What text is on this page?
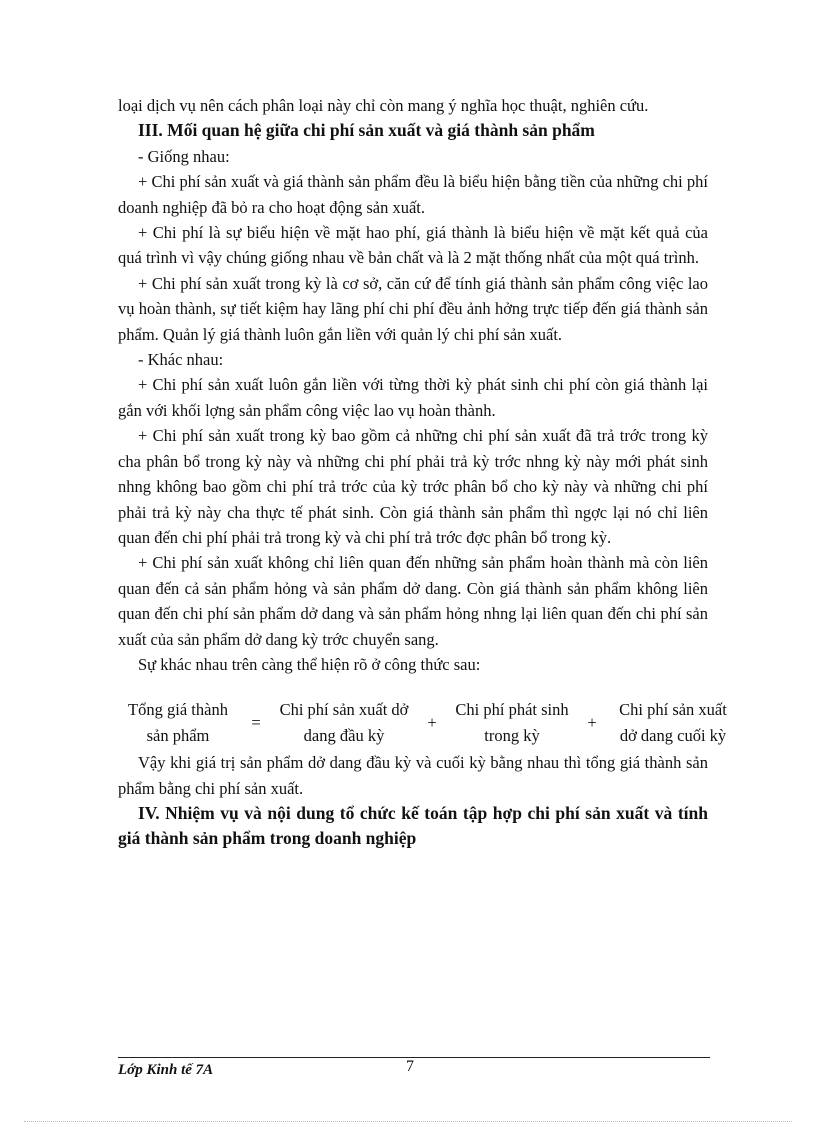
loại dịch vụ nên cách phân loại này chỉ còn mang ý nghĩa học thuật, nghiên cứu.

III. Mối quan hệ giữa chi phí sản xuất và giá thành sản phẩm

- Giống nhau:

+ Chi phí sản xuất và giá thành sản phẩm đều là biểu hiện bằng tiền của những chi phí doanh nghiệp đã bỏ ra cho hoạt động sản xuất.

+ Chi phí là sự biểu hiện về mặt hao phí, giá thành là biểu hiện về mặt kết quả của quá trình vì vậy chúng giống nhau về bản chất và là 2 mặt thống nhất của một quá trình.

+ Chi phí sản xuất trong kỳ là cơ sở, căn cứ để tính giá thành sản phẩm công việc lao vụ hoàn thành, sự tiết kiệm hay lãng phí chi phí đều ảnh hởng trực tiếp đến giá thành sản phẩm. Quản lý giá thành luôn gắn liền với quản lý chi phí sản xuất.

- Khác nhau:

+ Chi phí sản xuất luôn gắn liền với từng thời kỳ phát sinh chi phí còn giá thành lại gắn với khối lợng sản phẩm công việc lao vụ hoàn thành.

+ Chi phí sản xuất trong kỳ bao gồm cả những chi phí sản xuất đã trả trớc trong kỳ cha phân bổ trong kỳ này và những chi phí phải trả kỳ trớc nhng kỳ này mới phát sinh nhng không bao gồm chi phí trả trớc của kỳ trớc phân bổ cho kỳ này và những chi phí phải trả kỳ này cha thực tế phát sinh. Còn giá thành sản phẩm thì ngợc lại nó chỉ liên quan đến chi phí phải trả trong kỳ và chi phí trả trớc đợc phân bổ trong kỳ.

+ Chi phí sản xuất không chỉ liên quan đến những sản phẩm hoàn thành mà còn liên quan đến cả sản phẩm hỏng và sản phẩm dở dang. Còn giá thành sản phẩm không liên quan đến chi phí sản phẩm dở dang và sản phẩm hỏng nhng lại liên quan đến chi phí sản xuất của sản phẩm dở dang kỳ trớc chuyển sang.

Sự khác nhau trên càng thể hiện rõ ở công thức sau:

Tổng giá thành sản phẩm
=
Chi phí sản xuất dở dang đầu kỳ
+
Chi phí phát sinh trong kỳ
+
Chi phí sản xuất dở dang cuối kỳ

Vậy khi giá trị sản phẩm dở dang đầu kỳ và cuối kỳ bằng nhau thì tổng giá thành sản phẩm bằng chi phí sản xuất.

IV. Nhiệm vụ và nội dung tổ chức kế toán tập hợp chi phí sản xuất và tính giá thành sản phẩm trong doanh nghiệp

Lớp Kinh tế 7A	7
